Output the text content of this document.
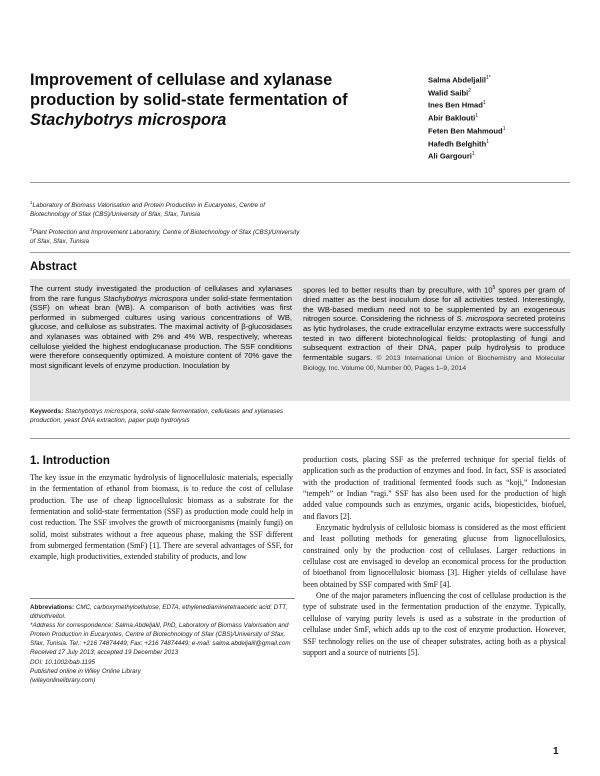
Improvement of cellulase and xylanase
production by solid-state fermentation of
Stachybotrys microspora
Salma Abdeljalil$^{1*}$
Walid Saibi$^2$
Ines Ben Hmad$^1$
Abir Baklouti$^1$
Feten Ben Mahmoud$^1$
Hafedh Belghith$^1$
Ali Gargouri$^1$

$^1$Laboratory of Biomass Valorisation and Protein Production in Eucaryotes, Centre of Biotechnology of Sfax (CBS)/University of Sfax, Sfax, Tunisia

$^2$Plant Protection and Improvement Laboratory, Centre of Biotechnology of Sfax (CBS)/University of Sfax, Sfax, Tunisia

Abstract
The current study investigated the production of cellulases and xylanases from the rare fungus Stachybotrys microspora under solid-state fermentation (SSF) on wheat bran (WB). A comparison of both activities was first performed in submerged cultures using various concentrations of WB, glucose, and cellulose as substrates. The maximal activity of β-glucosidases and xylanases was obtained with 2% and 4% WB, respectively, whereas cellulose yielded the highest endoglucanase production. The SSF conditions were therefore consequently optimized. A moisture content of 70% gave the most significant levels of enzyme production. Inoculation by
spores led to better results than by preculture, with $10^5$ spores per gram of dried matter as the best inoculum dose for all activities tested. Interestingly, the WB-based medium need not to be supplemented by an exogeneous nitrogen source. Considering the richness of S. microspora secreted proteins as lytic hydrolases, the crude extracellular enzyme extracts were successfully tested in two different biotechnological fields: protoplasting of fungi and subsequent extraction of their DNA, paper pulp hydrolysis to produce fermentable sugars. © 2013 International Union of Biochemistry and Molecular Biology, Inc. Volume 00, Number 00, Pages 1–9, 2014
Keywords: Stachybotrys microspora, solid-state fermentation, cellulases and xylanases production, yeast DNA extraction, paper pulp hydrolysis
1. Introduction

The key issue in the enzymatic hydrolysis of lignocellulosic materials, especially in the fermentation of ethanol from biomass, is to reduce the cost of cellulase production. The use of cheap lignocellulosic biomass as a substrate for the fermentation and solid-state fermentation (SSF) as production mode could help in cost reduction. The SSF involves the growth of microorganisms (mainly fungi) on solid, moist substrates without a free aqueous phase, making the SSF different from submerged fermentation (SmF) [1]. There are several advantages of SSF, for example, high productivities, extended stability of products, and low

production costs, placing SSF as the preferred technique for special fields of application such as the production of enzymes and food. In fact, SSF is associated with the production of traditional fermented foods such as “koji,” Indonesian “tempeh” or Indian “ragi.” SSF has also been used for the production of high added value compounds such as enzymes, organic acids, biopesticides, biofuel, and flavors [2].

Enzymatic hydrolysis of cellulosic biomass is considered as the most efficient and least polluting methods for generating glucose from lignocellulosics, constrained only by the production cost of cellulases. Larger reductions in cellulase cost are envisaged to develop an economical process for the production of bioethanol from lignocellulosic biomass [3]. Higher yields of cellulase have been obtained by SSF compared with SmF [4].

One of the major parameters influencing the cost of cellulase production is the type of substrate used in the fermentation production of the enzyme. Typically, cellulose of varying purity levels is used as a substrate in the production of cellulase under SmF, which adds up to the cost of enzyme production. However, SSF technology relies on the use of cheaper substrates, acting both as a physical support and a source of nutrients [5].

Abbreviations: CMC, carboxymethylcellulose; EDTA, ethylenediaminetetraacetic acid; DTT, dithiothreitol.

*Address for correspondence: Salma Abdeljalil, PhD, Laboratory of Biomass Valorisation and Protein Production in Eucaryotes, Centre of Biotechnology of Sfax (CBS)/University of Sfax, Sfax, Tunisia. Tel.: +216 74874449; Fax: +216 74874449; e-mail: salma.abdeljalil@gmail.com

Received 17 July 2013; accepted 19 December 2013

DOI: 10.1002/bab.1195

Published online in Wiley Online Library

(wileyonlinelibrary.com)

1
